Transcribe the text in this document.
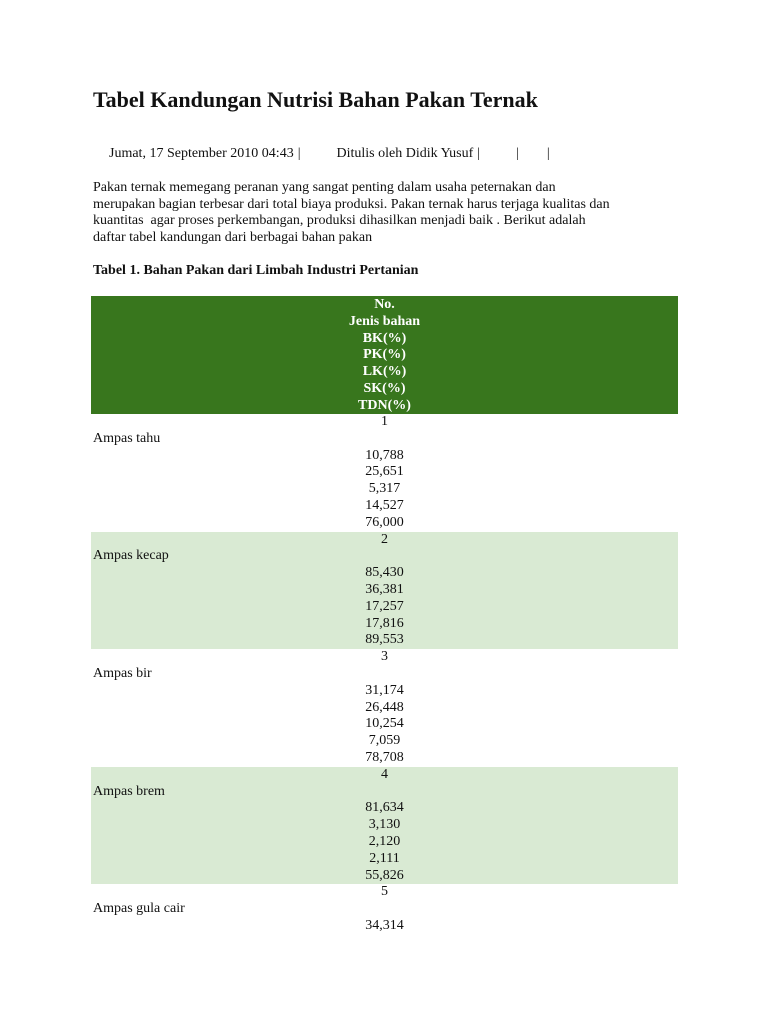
Tabel Kandungan Nutrisi Bahan Pakan Ternak
Jumat, 17 September 2010 04:43 |	Ditulis oleh Didik Yusuf |	| |

Pakan ternak memegang peranan yang sangat penting dalam usaha peternakan dan
merupakan bagian terbesar dari total biaya produksi. Pakan ternak harus terjaga kualitas dan
kuantitas  agar proses perkembangan, produksi dihasilkan menjadi baik . Berikut adalah
daftar tabel kandungan dari berbagai bahan pakan

Tabel 1. Bahan Pakan dari Limbah Industri Pertanian
No.
Jenis bahan
BK(%)
PK(%)
LK(%)
SK(%)
TDN(%)
1
Ampas tahu
10,788
25,651
5,317
14,527
76,000
2
Ampas kecap
85,430
36,381
17,257
17,816
89,553
3
Ampas bir
31,174
26,448
10,254
7,059
78,708
4
Ampas brem
81,634
3,130
2,120
2,111
55,826
5
Ampas gula cair
34,314
